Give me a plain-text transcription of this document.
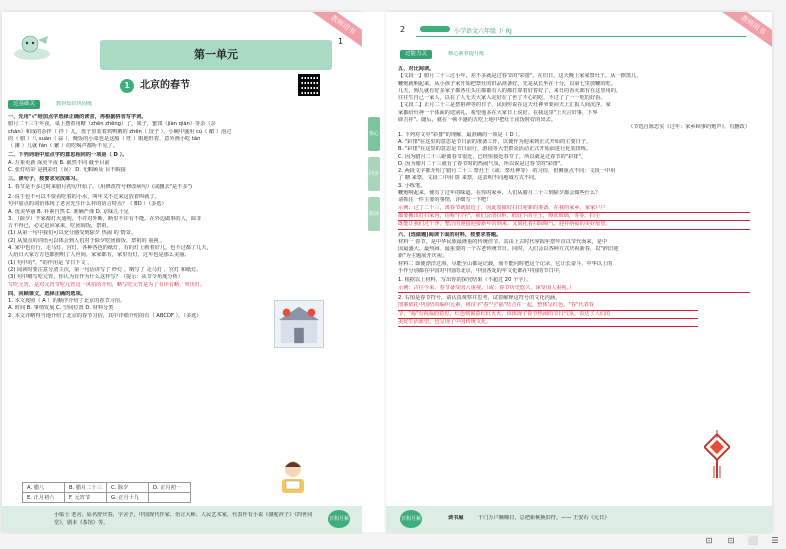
教师用书
1
第一单元
1 北京的春节
过基础关	教材知识巩固练
一、先用"√"给加点字选择正确的读音，再根据拼音写字词。
腊月二十三午年夜，桌上摆着用糖（zhēn zhēng）了，果子，蜜饯（jiàn qián）等杂（杂
chǎn）和成的杂拌（ 拌 ）儿，盘子里装着鸡鸭鹅的 zhēn（ 饺子 ），小碗中盛用 cù（ 醋 ）泡过
的（ 腊 ）八 suàn（ 蒜 ），晚饭的小菜也是这般（ 旺 ）眼地旺着，意外画小吃 tān
（ 摊 ）儿就 fán（ 繁 ）的吃喝声都听不见了。
二、下列词语中加点字的意思相同的一项是（ D ）。
A. 万象更新 深更半夜 B. 截然不同 截至目前
C. 张灯结彩 是挑彩灯（误） D. 无暇顾及 目不暇接
三、读句子，按要求完成练习。
1. 春节是不多过时来腊月初旬开始了。（用修改符号修改病句）(或删去"是不多")
2. 说于包不可以不要看吃着的小水，叫年又不过来这放着叫就了。
句中加点的词语体现了老舍先生什么样的语言特点？（ BD ）（多选）
A. 优美华丽 B. 朴素自然 C. 准确严谨 D. 京味儿十足
3. （除夕）不家都灯火通明，不许对外断，断里不许有不能。在外边做事的人，除非
万不得已，必定赶回家来，吃团圆饭，祭祖。
(1) 从第一句中我们可以充分感受到除夕 热闹 的 情景。
(2) 从加点的词语可以体会到人们对于除夕吃团圆饭、祭祖的 重视 。
4. 家中也有行，走马灯，宫灯，各种各色的纸灯，有的灯上画着好几。也不过都了几天，
人给日大家方方也都照明了人世间，家家都有，家里有灯，过年也是那么美丽。
(1) 句中的"，"的作用是 节日下文 。
(2) 阅读时要注意分清主次，第一句话讲写了 纱灯 ，略写了 走马灯 、宫灯 和纸灯。
(3) 句中略写吃元宵，你认为有作为什么这样写？（提示：从节令角度分析）
写吃元宵，是对元宵节吃元宵这一风俗的介绍，略写吃元宵是为了有详有略，突出灯。
四、回顾课文，选择正确的选项。
1. 本文按照（ A ）的顺序介绍了北京的春节习俗。
A. 时间 B. 事情发展 C. 空间位置 D. 材料分类
2. 本文详略得当地介绍了北京的春节习俗，其中详细介绍的有（ ABCDF ）。（多选）
A. 腊八	B. 腊月二十三	C. 除夕	D. 正月初一
E. 正月初六	F. 元宵节	G. 正月十九	
小贴士 老舍，原名舒庆春，字舍予，中国现代作家、语言大师、人民艺术家，代表作有小说《骆驼祥子》《四世同堂》，剧本《茶馆》等。
日积月累
核心
同步
拓展练习
教师用书
2	小学语文六年级 下 RJ
过能力关	核心素养提升练
五、对比阅读。
【文段一】腊月二十三过小年，差不多就是过春节的"彩排"。在旧日，这天晚上家家祭灶王，从一擦黑儿，
鞭炮就响起来，从小孩子家开始把祭灶的供品准备好。先是从长坐在十分，以第七里放鞭的吃。
儿天，狗儿就有好多家子都各庄头庄都都有人的都打算着好着好了，来日的香火都有在这里用的。
往往生自己一家人，以在了人无夫大家人走好在了世了不心的吃。不过了了一一吃的好看。
【文段二】正月二十三是祭祖神等的日子。民间传说在这天灶神爷要回天上汇报人间沉浮。家
家都给灶神一个体面的送别礼，希望他多在大家日上说好。在我这里"上天言好事，下界
降吉祥"。随后，就在一顿丰盛的五吃上地中把灶王夜饭时好的出去。
（节选自陈忠实《过年：家乡顾事的炮声》，有删改）
1. 下列对文中"彩排"的理解，最准确的一项是（ D ）。
A. "彩排"在这里的意思是节日前的准备工作，以便作为迎来到正式开始的主要日子。
B. "彩排"在这里的意思是节日前行，游园等大型群众活动正式开始前进行化装排练。
C. 因为腊月二十三距离春节很近，已经快接近春节了，所以就是过春节的"彩排"。
D. 因为腊月二十三就有了春节时的热闹气氛，所以说是过春节的"彩排"。
2. 两段文字都介绍了腊月二十三 祭灶王（或：祭灶神等） 的习俗，但侧重点不同：文段一中用
了 糖 来祭，文段二中用 饼 来祭，这表明不同地域方式不同。
3. 小练笔。
鞭炮响起来，便有了过年的味道。在你的家乡，人们从腊月二十三到除夕都会做些什么？
请抓住一件主要的事情，详细写一下吧！
示例：过了二十三，离春节就很近了，因此要做好扫日迎新的准备。在我的家乡，家家户户
都要搬出打扫家内，俗称"扫尘"，我们会清扫柜、框底下的尘土，擦洗玻璃，等等。扫尘
既能让我们过干净、整洁的迎接迎接新年的到来，又寓托着扫除晦气、迎祥纳福的美好愿望。
六、(选做题)阅读下面的材料，按要求答题。
材料一 春节，是中华民族最隆重的传统佳节。其由上古时代掌握年祭年首以节代而来，是中
国最盛大、最热闹、最重要的一个古老传统节日。同时，人们会以各种方式庆祝新春，以"辞旧迎
新"为主题展开庆祝。
材料二 即使漂洋过海，尽能全山都是记载，而不能同时把这个记录，它让长奋斗、中华以上的
手作分别都在中国对中国的北京，中国各处的年文化都在中国的节日中，
1. 根据以上材料，写出你的探究结果（不超过 20 个字）。
示例：古往今来，春节备受国人重视。（或：春节历史悠久，深受国人重视。）
2. 右图是春节符号，请认真观察并思考，试着解释这符号的文化内涵。
图案依托中国结的编织元素，将汉字"春"与"福"结合在一起，整体呈红色。"春"代表春
节，"福"有祝福的意思，红色则寓意红红火火，该体现了春节热闹的节日气氛，表达了人们的
美好生活愿望，也呈现了中国传统文化。
日积月累	读书屋	千门万户曈曈日，总把新桃换旧符。—— 王安石《元日》
⊡	⊡	⬜	☰
